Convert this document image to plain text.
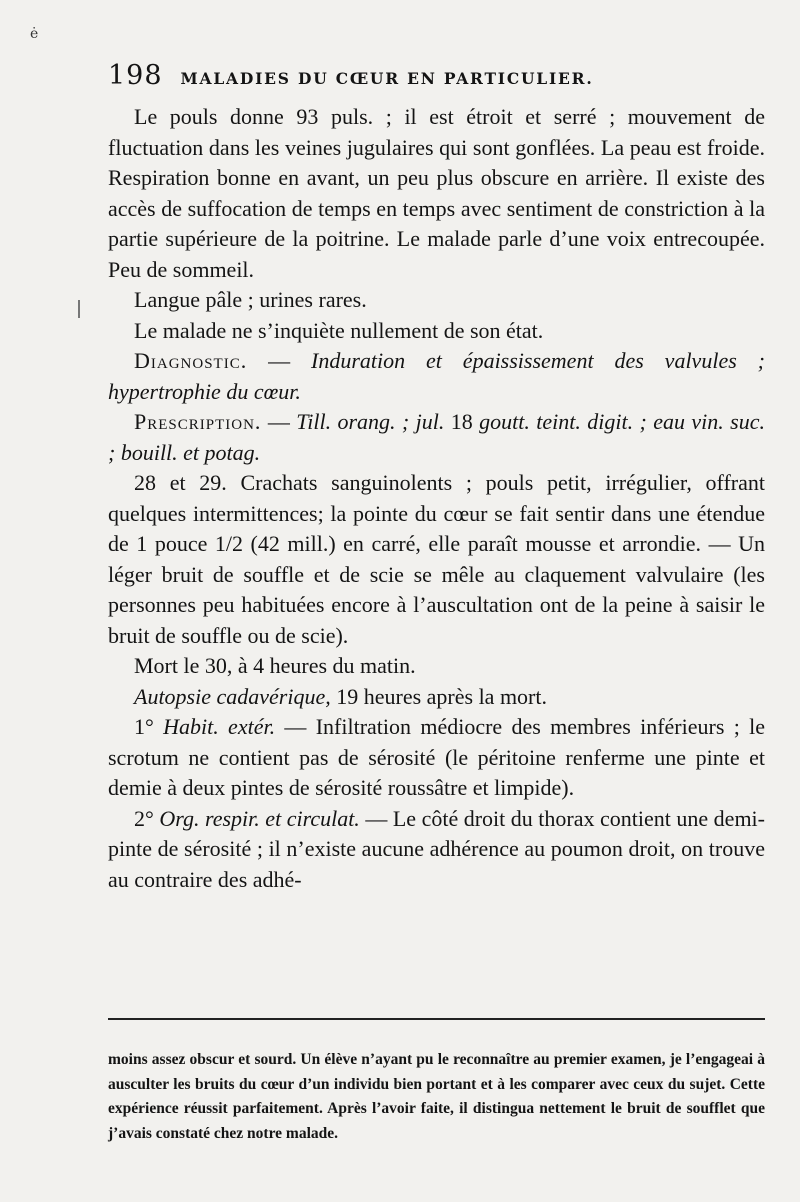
ė
198 MALADIES DU CŒUR EN PARTICULIER.

Le pouls donne 93 puls. ; il est étroit et serré ; mouvement de fluctuation dans les veines jugulaires qui sont gonflées. La peau est froide. Respiration bonne en avant, un peu plus obscure en arrière. Il existe des accès de suffocation de temps en temps avec sentiment de constriction à la partie supérieure de la poitrine. Le malade parle d’une voix entrecoupée. Peu de sommeil.

Langue pâle ; urines rares.

Le malade ne s’inquiète nullement de son état.

Diagnostic. — Induration et épaississement des valvules ; hypertrophie du cœur.

Prescription. — Till. orang. ; jul. 18 goutt. teint. digit. ; eau vin. suc. ; bouill. et potag.

28 et 29. Crachats sanguinolents ; pouls petit, irrégulier, offrant quelques intermittences; la pointe du cœur se fait sentir dans une étendue de 1 pouce 1/2 (42 mill.) en carré, elle paraît mousse et arrondie. — Un léger bruit de souffle et de scie se mêle au claquement valvulaire (les personnes peu habituées encore à l’auscultation ont de la peine à saisir le bruit de souffle ou de scie).

Mort le 30, à 4 heures du matin.

Autopsie cadavérique, 19 heures après la mort.

1° Habit. extér. — Infiltration médiocre des membres inférieurs ; le scrotum ne contient pas de sérosité (le péritoine renferme une pinte et demie à deux pintes de sérosité roussâtre et limpide).

2° Org. respir. et circulat. — Le côté droit du thorax contient une demi-pinte de sérosité ; il n’existe aucune adhérence au poumon droit, on trouve au contraire des adhé-

moins assez obscur et sourd. Un élève n’ayant pu le reconnaître au premier examen, je l’engageai à ausculter les bruits du cœur d’un individu bien portant et à les comparer avec ceux du sujet. Cette expérience réussit parfaitement. Après l’avoir faite, il distingua nettement le bruit de soufflet que j’avais constaté chez notre malade.
